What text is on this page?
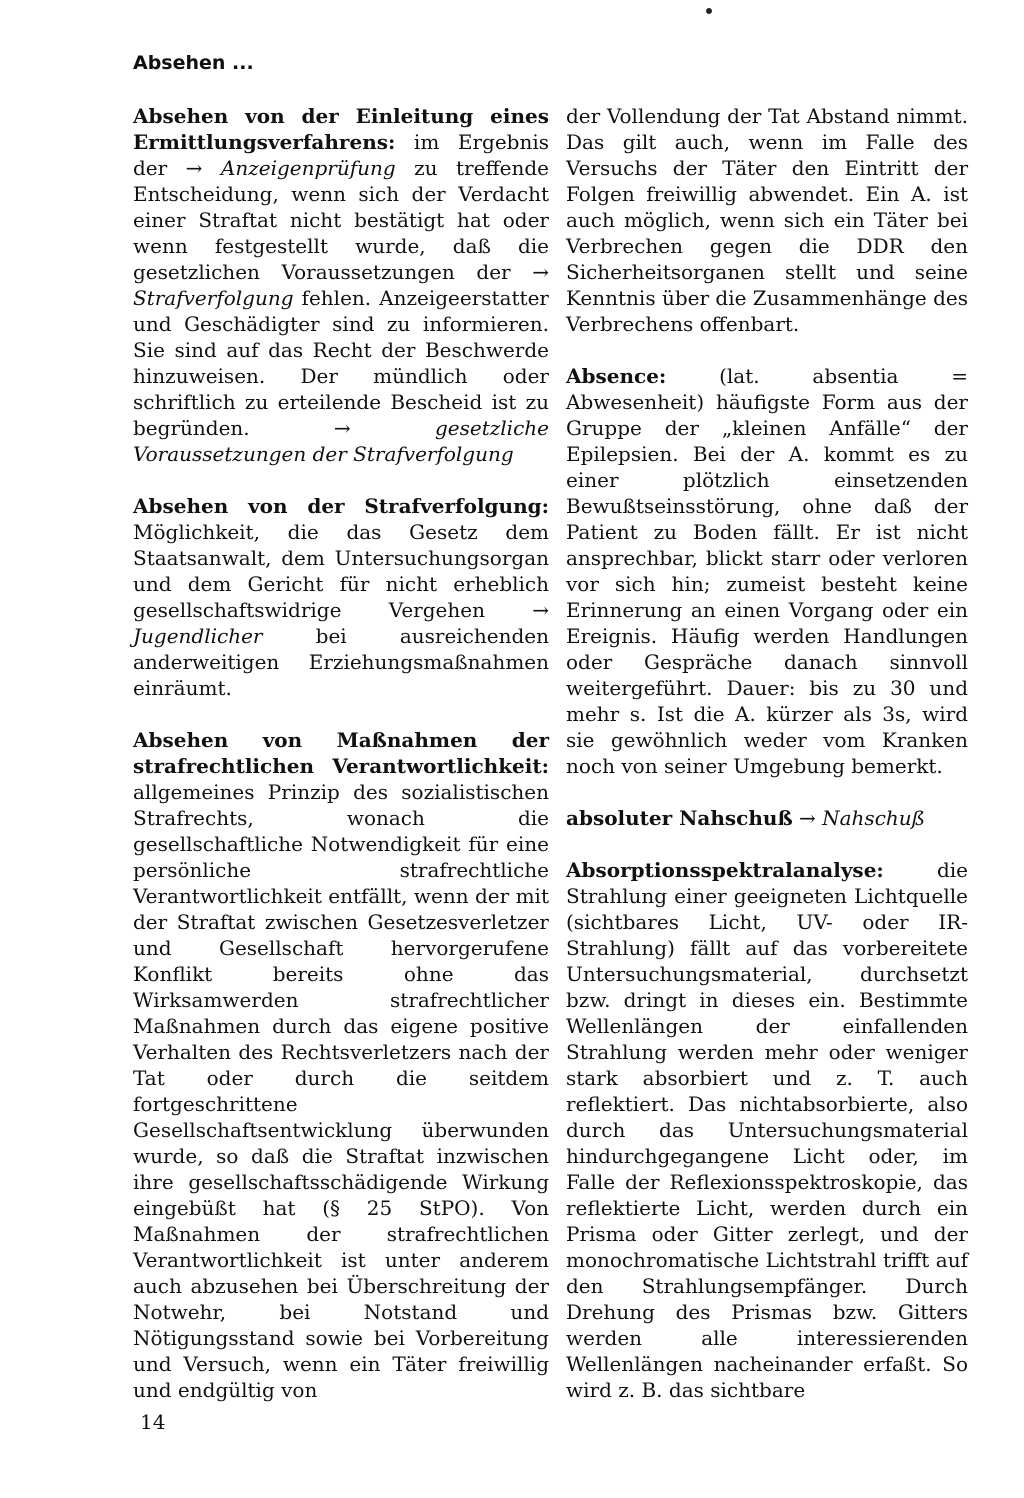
Absehen ...

Absehen von der Einleitung eines Ermittlungsverfahrens: im Ergebnis der → Anzeigenprüfung zu treffende Entscheidung, wenn sich der Verdacht einer Straftat nicht bestätigt hat oder wenn festgestellt wurde, daß die gesetzlichen Voraussetzungen der → Strafverfolgung fehlen. Anzeigeerstatter und Geschädigter sind zu informieren. Sie sind auf das Recht der Beschwerde hinzuweisen. Der mündlich oder schriftlich zu erteilende Bescheid ist zu begründen. →	gesetzliche Voraussetzungen der Strafverfolgung

Absehen von der Strafverfolgung: Möglichkeit, die das Gesetz dem Staatsanwalt, dem Untersuchungsorgan und dem Gericht für nicht erheblich gesellschaftswidrige Vergehen → Jugendlicher bei ausreichenden anderweitigen Erziehungsmaßnahmen einräumt.

Absehen von Maßnahmen der strafrechtlichen Verantwortlichkeit: allgemeines Prinzip des sozialistischen Strafrechts, wonach die gesellschaftliche Notwendigkeit für eine persönliche strafrechtliche Verantwortlichkeit entfällt, wenn der mit der Straftat zwischen Gesetzesverletzer und Gesellschaft hervorgerufene Konflikt bereits ohne das Wirksamwerden strafrechtlicher Maßnahmen durch das eigene positive Verhalten des Rechtsverletzers nach der Tat oder durch die seitdem fortgeschrittene Gesellschaftsentwicklung überwunden wurde, so daß die Straftat inzwischen ihre gesellschaftsschädigende Wirkung eingebüßt hat (§ 25 StPO). Von Maßnahmen der strafrechtlichen Verantwortlichkeit ist unter anderem auch abzusehen bei Überschreitung der Notwehr, bei Notstand und Nötigungsstand sowie bei Vorbereitung und Versuch, wenn ein Täter freiwillig und endgültig von

der Vollendung der Tat Abstand nimmt. Das gilt auch, wenn im Falle des Versuchs der Täter den Eintritt der Folgen freiwillig abwendet. Ein A. ist auch möglich, wenn sich ein Täter bei Verbrechen gegen die DDR den Sicherheitsorganen stellt und seine Kenntnis über die Zusammenhänge des Verbrechens offenbart.

Absence: (lat. absentia = Abwesenheit) häufigste Form aus der Gruppe der „kleinen Anfälle“ der Epilepsien. Bei der A. kommt es zu einer plötzlich einsetzenden Bewußtseinsstörung, ohne daß der Patient zu Boden fällt. Er ist nicht ansprechbar, blickt starr oder verloren vor sich hin; zumeist besteht keine Erinnerung an einen Vorgang oder ein Ereignis. Häufig werden Handlungen oder Gespräche danach sinnvoll weitergeführt. Dauer: bis zu 30 und mehr s. Ist die A. kürzer als 3s, wird sie gewöhnlich weder vom Kranken noch von seiner Umgebung bemerkt.

absoluter Nahschuß → Nahschuß

Absorptionsspektralanalyse: die Strahlung einer geeigneten Lichtquelle (sichtbares Licht, UV- oder IR-Strahlung) fällt auf das vorbereitete Untersuchungsmaterial, durchsetzt bzw. dringt in dieses ein. Bestimmte Wellenlängen der einfallenden Strahlung werden mehr oder weniger stark absorbiert und z. T. auch reflektiert. Das nichtabsorbierte, also durch das Untersuchungsmaterial hindurchgegangene Licht oder, im Falle der Reflexionsspektroskopie, das reflektierte Licht, werden durch ein Prisma oder Gitter zerlegt, und der monochromatische Lichtstrahl trifft auf den Strahlungsempfänger. Durch Drehung des Prismas bzw. Gitters werden alle interessierenden Wellenlängen nacheinander erfaßt. So wird z. B. das sichtbare

14
